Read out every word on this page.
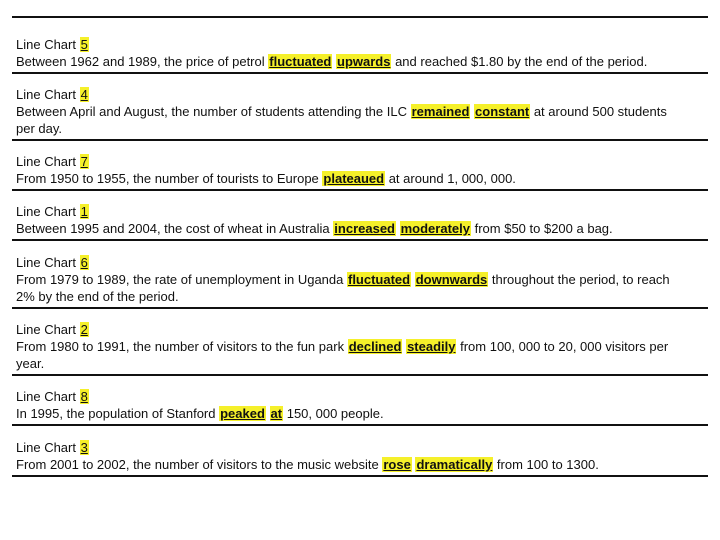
Line Chart 5
Between 1962 and 1989, the price of petrol fluctuated upwards and reached $1.80 by the end of the period.
Line Chart 4
Between April and August, the number of students attending the ILC remained constant at around 500 students per day.
Line Chart 7
From 1950 to 1955, the number of tourists to Europe plateaued at around 1, 000, 000.
Line Chart 1
Between 1995 and 2004, the cost of wheat in Australia increased moderately from $50 to $200 a bag.
Line Chart 6
From 1979 to 1989, the rate of unemployment in Uganda fluctuated downwards throughout the period, to reach 2% by the end of the period.
Line Chart 2
From 1980 to 1991, the number of visitors to the fun park declined steadily from 100, 000 to 20, 000 visitors per year.
Line Chart 8
In 1995, the population of Stanford peaked at 150, 000 people.
Line Chart 3
From 2001 to 2002, the number of visitors to the music website rose dramatically from 100 to 1300.
